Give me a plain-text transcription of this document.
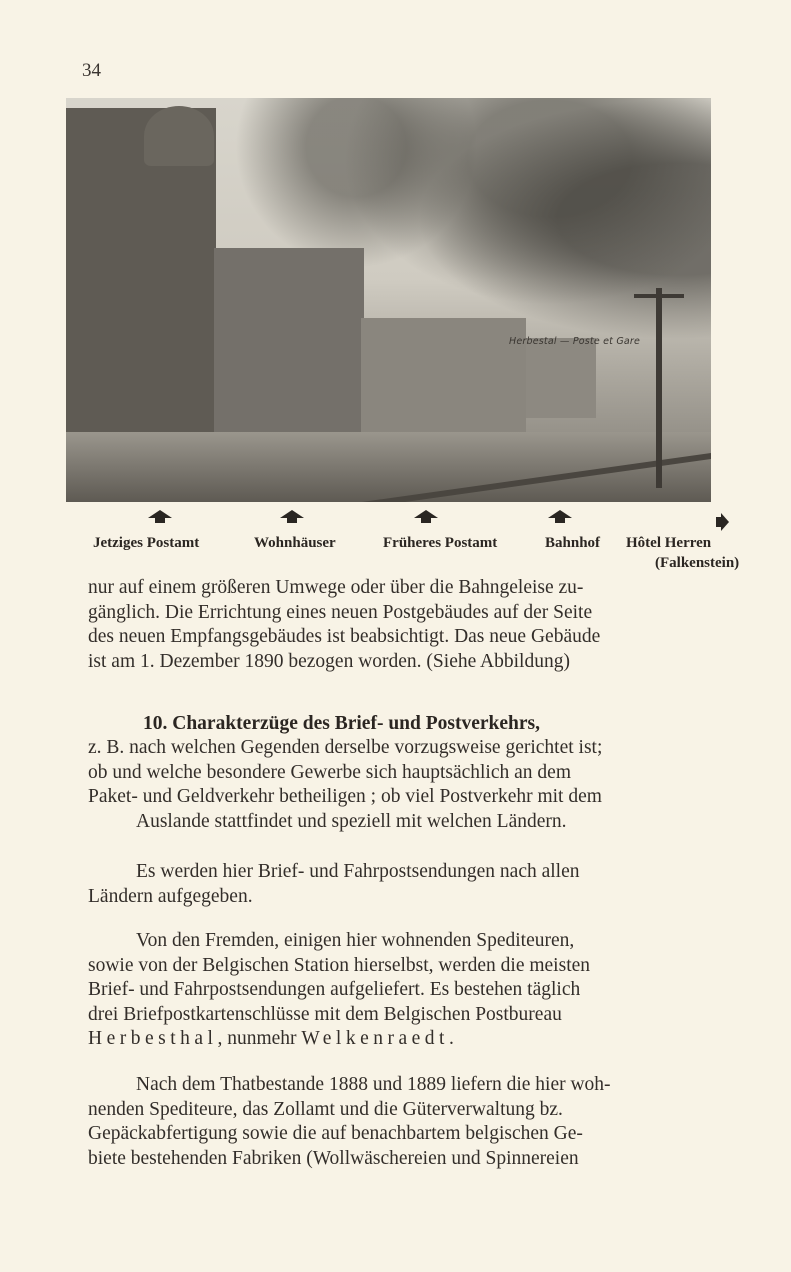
34
Herbestal — Poste et Gare
Jetziges Postamt	Wohnhäuser	Früheres Postamt	Bahnhof Hôtel Herren
(Falkenstein)

nur auf einem größeren Umwege oder über die Bahngeleise zu-

gänglich. Die Errichtung eines neuen Postgebäudes auf der Seite

des neuen Empfangsgebäudes ist beabsichtigt. Das neue Gebäude

ist am 1. Dezember 1890 bezogen worden. (Siehe Abbildung)

10. Charakterzüge des Brief- und Postverkehrs,

z. B. nach welchen Gegenden derselbe vorzugsweise gerichtet ist;

ob und welche besondere Gewerbe sich hauptsächlich an dem

Paket- und Geldverkehr betheiligen ; ob viel Postverkehr mit dem

Auslande stattfindet und speziell mit welchen Ländern.

Es werden hier Brief- und Fahrpostsendungen nach allen

Ländern aufgegeben.

Von den Fremden, einigen hier wohnenden Spediteuren,

sowie von der Belgischen Station hierselbst, werden die meisten

Brief- und Fahrpostsendungen aufgeliefert. Es bestehen täglich

drei Briefpostkartenschlüsse mit dem Belgischen Postbureau

Herbesthal, nunmehr Welkenraedt.

Nach dem Thatbestande 1888 und 1889 liefern die hier woh-

nenden Spediteure, das Zollamt und die Güterverwaltung bz.

Gepäckabfertigung sowie die auf benachbartem belgischen Ge-

biete bestehenden Fabriken (Wollwäschereien und Spinnereien
